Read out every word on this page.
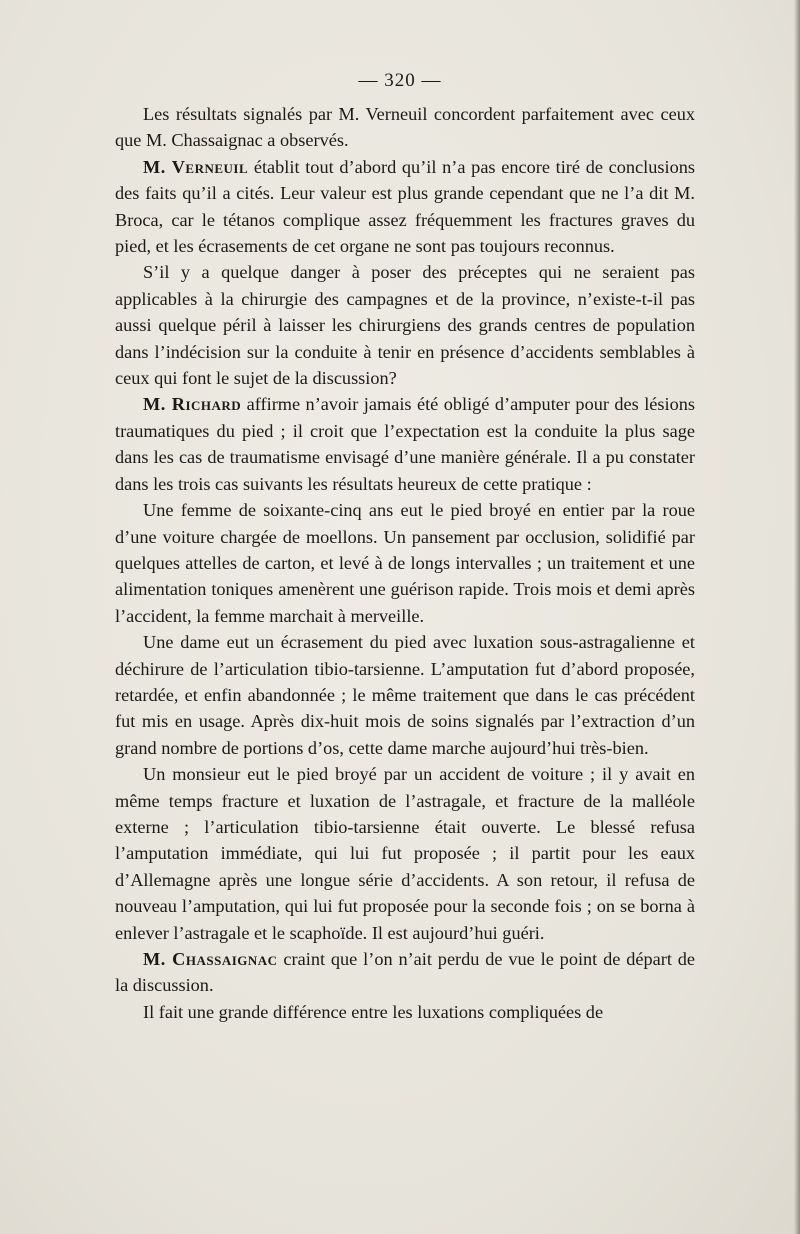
— 320 —

Les résultats signalés par M. Verneuil concordent parfaitement avec ceux que M. Chassaignac a observés.

M. Verneuil établit tout d’abord qu’il n’a pas encore tiré de conclusions des faits qu’il a cités. Leur valeur est plus grande cependant que ne l’a dit M. Broca, car le tétanos complique assez fréquemment les fractures graves du pied, et les écrasements de cet organe ne sont pas toujours reconnus.

S’il y a quelque danger à poser des préceptes qui ne seraient pas applicables à la chirurgie des campagnes et de la province, n’existe-t-il pas aussi quelque péril à laisser les chirurgiens des grands centres de population dans l’indécision sur la conduite à tenir en présence d’accidents semblables à ceux qui font le sujet de la discussion?

M. Richard affirme n’avoir jamais été obligé d’amputer pour des lésions traumatiques du pied ; il croit que l’expectation est la conduite la plus sage dans les cas de traumatisme envisagé d’une manière générale. Il a pu constater dans les trois cas suivants les résultats heureux de cette pratique :

Une femme de soixante-cinq ans eut le pied broyé en entier par la roue d’une voiture chargée de moellons. Un pansement par occlusion, solidifié par quelques attelles de carton, et levé à de longs intervalles ; un traitement et une alimentation toniques amenèrent une guérison rapide. Trois mois et demi après l’accident, la femme marchait à merveille.

Une dame eut un écrasement du pied avec luxation sous-astragalienne et déchirure de l’articulation tibio-tarsienne. L’amputation fut d’abord proposée, retardée, et enfin abandonnée ; le même traitement que dans le cas précédent fut mis en usage. Après dix-huit mois de soins signalés par l’extraction d’un grand nombre de portions d’os, cette dame marche aujourd’hui très-bien.

Un monsieur eut le pied broyé par un accident de voiture ; il y avait en même temps fracture et luxation de l’astragale, et fracture de la malléole externe ; l’articulation tibio-tarsienne était ouverte. Le blessé refusa l’amputation immédiate, qui lui fut proposée ; il partit pour les eaux d’Allemagne après une longue série d’accidents. A son retour, il refusa de nouveau l’amputation, qui lui fut proposée pour la seconde fois ; on se borna à enlever l’astragale et le scaphoïde. Il est aujourd’hui guéri.

M. Chassaignac craint que l’on n’ait perdu de vue le point de départ de la discussion.

Il fait une grande différence entre les luxations compliquées de
